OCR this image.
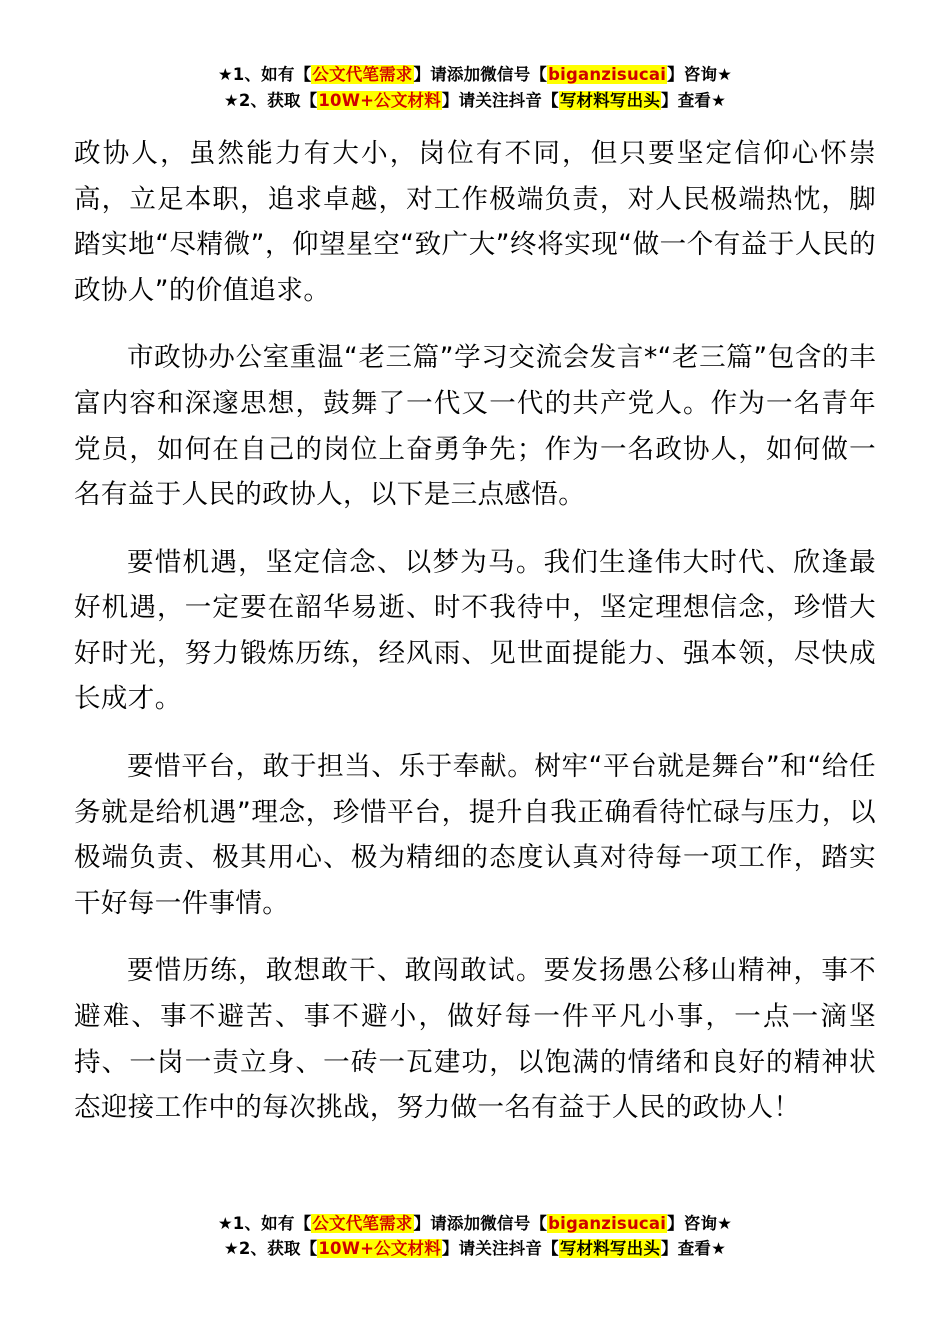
★1、如有【公文代笔需求】请添加微信号【biganzisucai】咨询★
★2、获取【10W+公文材料】请关注抖音【写材料写出头】查看★

政协人，虽然能力有大小，岗位有不同，但只要坚定信仰心怀崇高，立足本职，追求卓越，对工作极端负责，对人民极端热忱，脚踏实地“尽精微”，仰望星空“致广大”终将实现“做一个有益于人民的政协人”的价值追求。

市政协办公室重温“老三篇”学习交流会发言*“老三篇”包含的丰富内容和深邃思想，鼓舞了一代又一代的共产党人。作为一名青年党员，如何在自己的岗位上奋勇争先；作为一名政协人，如何做一名有益于人民的政协人，以下是三点感悟。

要惜机遇，坚定信念、以梦为马。我们生逢伟大时代、欣逢最好机遇，一定要在韶华易逝、时不我待中，坚定理想信念，珍惜大好时光，努力锻炼历练，经风雨、见世面提能力、强本领，尽快成长成才。

要惜平台，敢于担当、乐于奉献。树牢“平台就是舞台”和“给任务就是给机遇”理念，珍惜平台，提升自我正确看待忙碌与压力，以极端负责、极其用心、极为精细的态度认真对待每一项工作，踏实干好每一件事情。

要惜历练，敢想敢干、敢闯敢试。要发扬愚公移山精神，事不避难、事不避苦、事不避小，做好每一件平凡小事，一点一滴坚持、一岗一责立身、一砖一瓦建功，以饱满的情绪和良好的精神状态迎接工作中的每次挑战，努力做一名有益于人民的政协人！

★1、如有【公文代笔需求】请添加微信号【biganzisucai】咨询★
★2、获取【10W+公文材料】请关注抖音【写材料写出头】查看★
